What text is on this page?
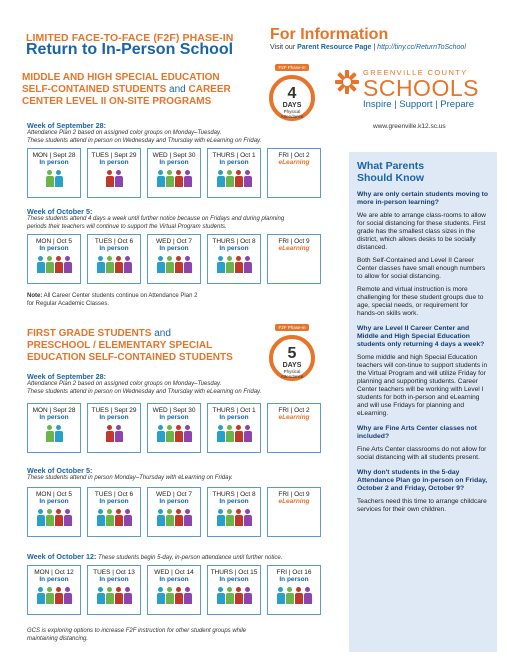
LIMITED FACE-TO-FACE (F2F) PHASE-IN
Return to In-Person School
For Information
Visit our Parent Resource Page | http://tiny.cc/ReturnToSchool
GREENVILLE COUNTY
SCHOOLS
Inspire | Support | Prepare
www.greenville.k12.sc.us
MIDDLE AND HIGH SPECIAL EDUCATION
SELF-CONTAINED STUDENTS and CAREER
CENTER LEVEL II ON-SITE PROGRAMS
F2F Phase-in
4
DAYS
Physical
Attendance
Week of September 28:
Attendance Plan 2 based on assigned color groups on Monday–Tuesday.
These students attend in person on Wednesday and Thursday with eLearning on Friday.
MON | Sept 28
In person
TUES | Sept 29
In person
WED | Sept 30
In person
THURS | Oct 1
In person
FRI | Oct 2
eLearning
Week of October 5:
These students attend 4 days a week until further notice because on Fridays and during planning
periods their teachers will continue to support the Virtual Program students.
MON | Oct 5
In person
TUES | Oct 6
In person
WED | Oct 7
In person
THURS | Oct 8
In person
FRI | Oct 9
eLearning
Note: All Career Center students continue on Attendance Plan 2
for Regular Academic Classes.
FIRST GRADE STUDENTS and
PRESCHOOL / ELEMENTARY SPECIAL
EDUCATION SELF-CONTAINED STUDENTS
F2F Phase-in
5
DAYS
Physical
Attendance
Week of September 28:
Attendance Plan 2 based on assigned color groups on Monday–Tuesday.
These students attend in person on Wednesday and Thursday with eLearning on Friday.
MON | Sept 28
In person
TUES | Sept 29
In person
WED | Sept 30
In person
THURS | Oct 1
In person
FRI | Oct 2
eLearning
Week of October 5:
These students attend in person Monday–Thursday with eLearning on Friday.
MON | Oct 5
In person
TUES | Oct 6
In person
WED | Oct 7
In person
THURS | Oct 8
In person
FRI | Oct 9
eLearning
Week of October 12: These students begin 5-day, in-person attendance until further notice.
MON | Oct 12
In person
TUES | Oct 13
In person
WED | Oct 14
In person
THURS | Oct 15
In person
FRI | Oct 16
In person
GCS is exploring options to increase F2F instruction for other student groups while
maintaining distancing.
What Parents
Should Know
Why are only certain students moving to more in-person learning?
We are able to arrange class-rooms to allow for social distancing for these students. First grade has the smallest class sizes in the district, which allows desks to be socially distanced.
Both Self-Contained and Level II Career Center classes have small enough numbers to allow for social distancing.
Remote and virtual instruction is more challenging for these student groups due to age, special needs, or requirement for hands-on skills work.
Why are Level II Career Center and Middle and High Special Education students only returning 4 days a week?
Some middle and high Special Education teachers will con-tinue to support students in the Virtual Program and will utilize Friday for planning and supporting students. Career Center teachers will be working with Level I students for both in-person and eLearning and will use Fridays for planning and eLearning.
Why are Fine Arts Center classes not included?
Fine Arts Center classrooms do not allow for social distancing with all students present.
Why don't students in the 5-day Attendance Plan go in-person on Friday, October 2 and Friday, October 9?
Teachers need this time to arrange childcare services for their own children.
